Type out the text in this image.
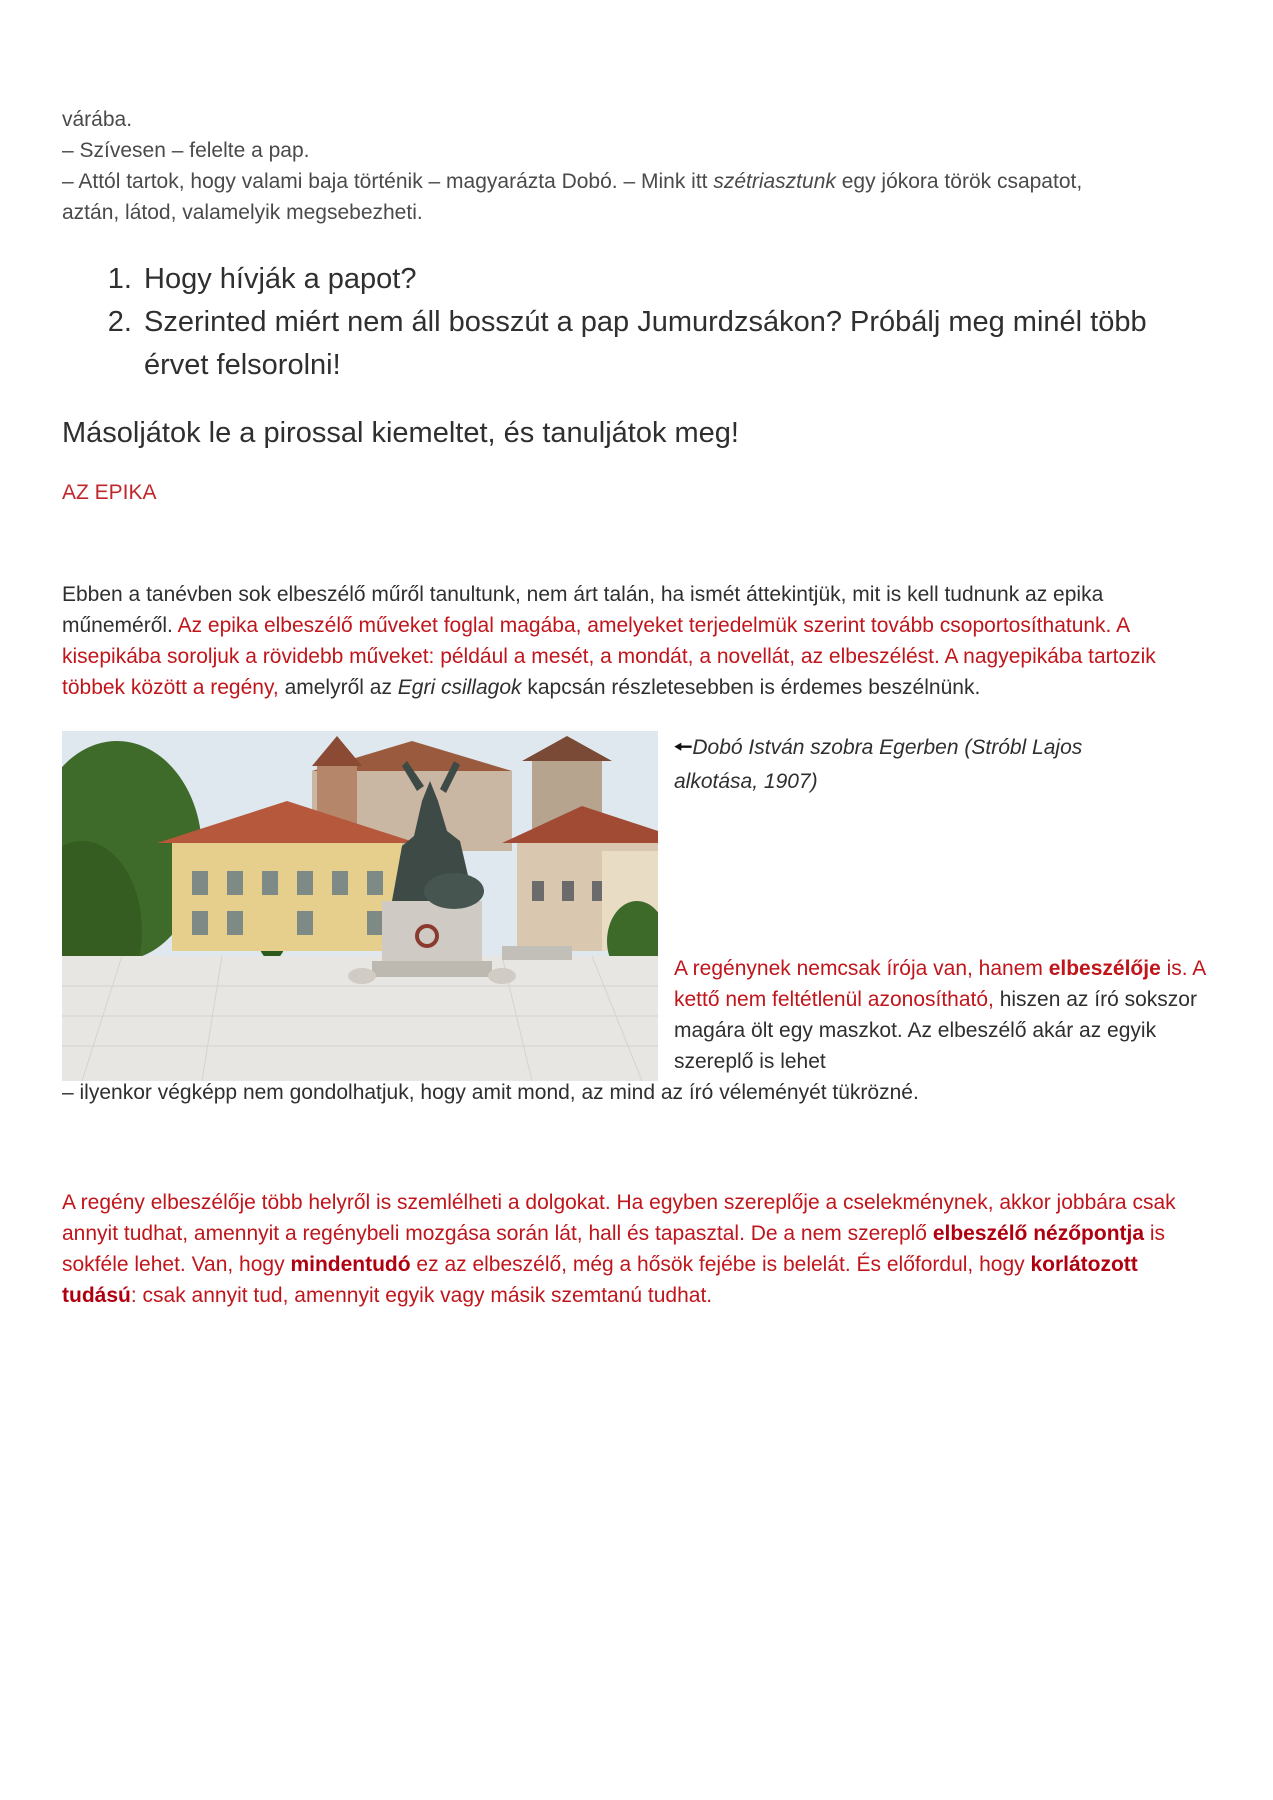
várába.

– Szívesen – felelte a pap.

– Attól tartok, hogy valami baja történik – magyarázta Dobó. – Mink itt szétriasztunk egy jókora török csapatot,

aztán, látod, valamelyik megsebezheti.

1. Hogy hívják a papot?
2. Szerinted miért nem áll bosszút a pap Jumurdzsákon? Próbálj meg minél több érvet felsorolni!

Másoljátok le a pirossal kiemeltet, és tanuljátok meg!

AZ EPIKA

Ebben a tanévben sok elbeszélő műről tanultunk, nem árt talán, ha ismét áttekintjük, mit is kell tudnunk az epika műneméről. Az epika elbeszélő műveket foglal magába, amelyeket terjedelmük szerint tovább csoportosíthatunk. A kisepikába soroljuk a rövidebb műveket: például a mesét, a mondát, a novellát, az elbeszélést. A nagyepikába tartozik többek között a regény, amelyről az Egri csillagok kapcsán részletesebben is érdemes beszélnünk.

🠔Dobó István szobra Egerben (Stróbl Lajos alkotása, 1907)
A regénynek nemcsak írója van, hanem elbeszélője is. A kettő nem feltétlenül azonosítható, hiszen az író sokszor magára ölt egy maszkot. Az elbeszélő akár az egyik szereplő is lehet
– ilyenkor végképp nem gondolhatjuk, hogy amit mond, az mind az író véleményét tükrözné.

A regény elbeszélője több helyről is szemlélheti a dolgokat. Ha egyben szereplője a cselekménynek, akkor jobbára csak annyit tudhat, amennyit a regénybeli mozgása során lát, hall és tapasztal. De a nem szereplő elbeszélő nézőpontja is sokféle lehet. Van, hogy mindentudó ez az elbeszélő, még a hősök fejébe is belelát. És előfordul, hogy korlátozott tudású: csak annyit tud, amennyit egyik vagy másik szemtanú tudhat.
